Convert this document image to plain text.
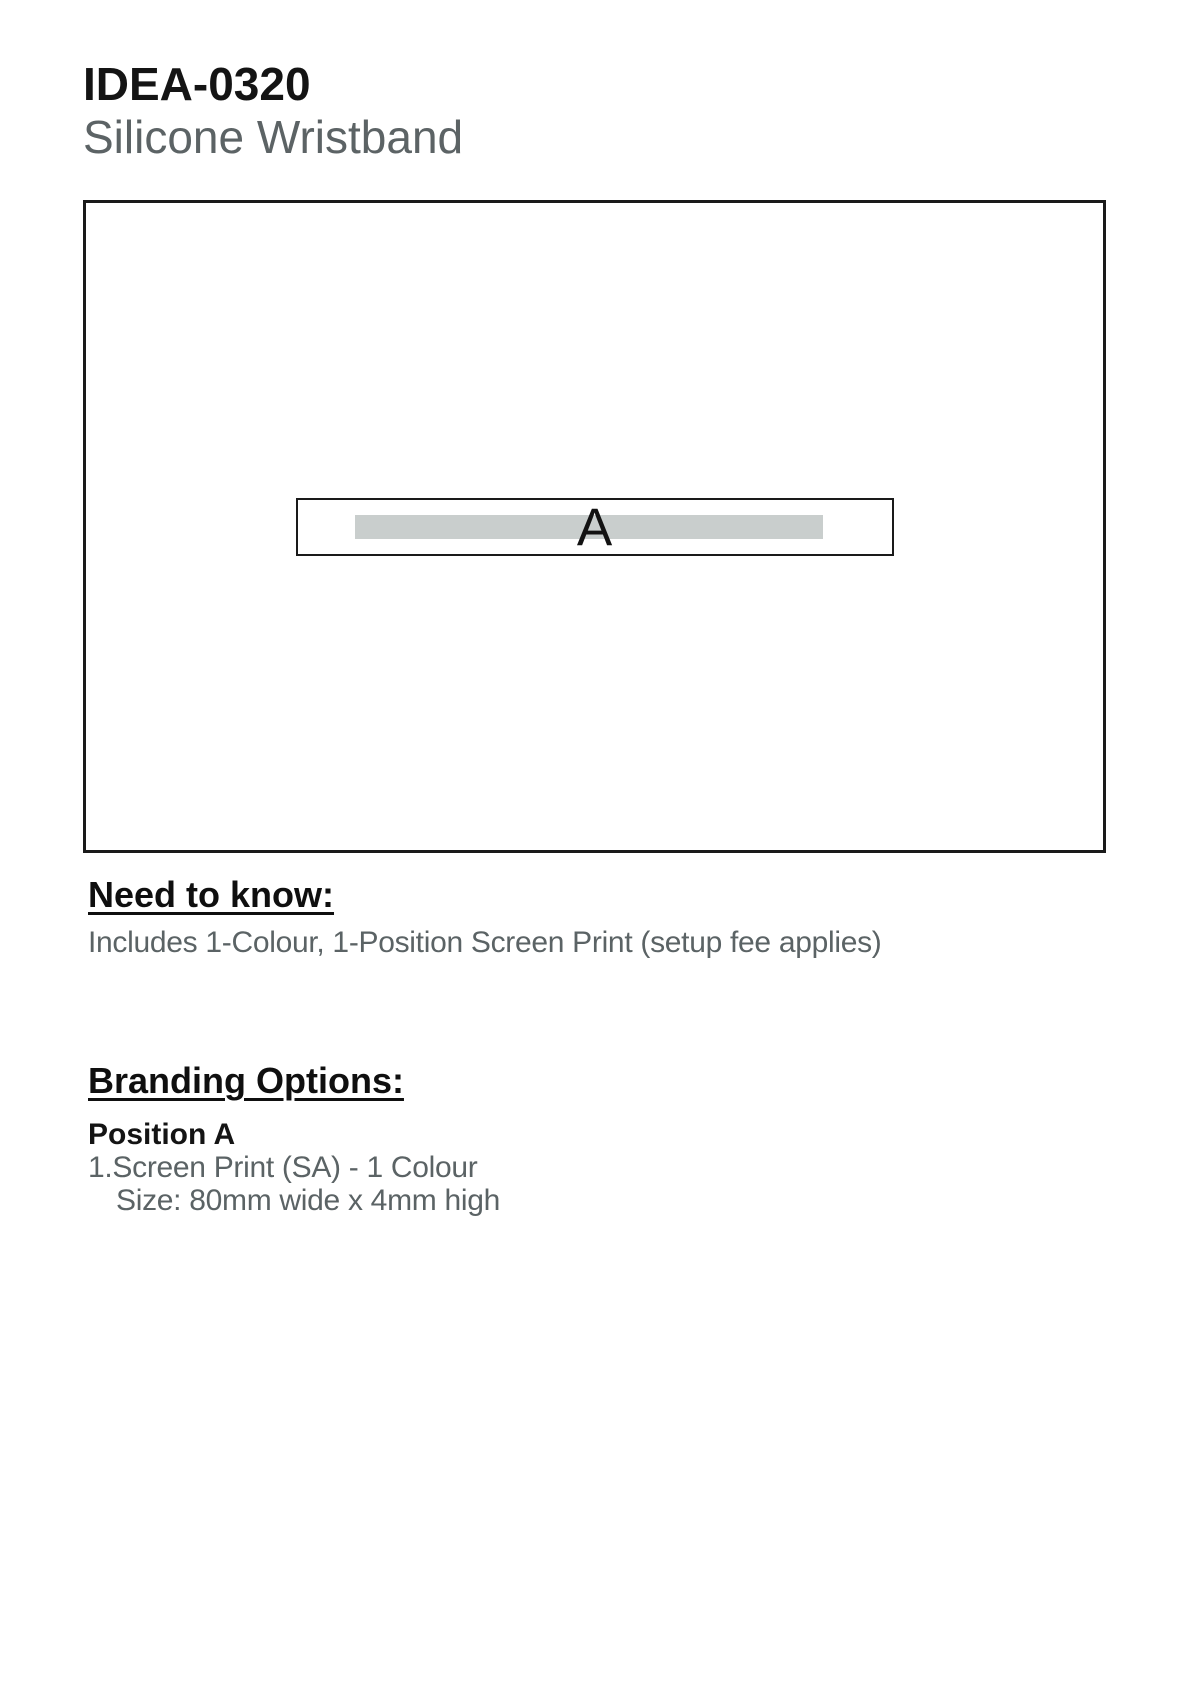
IDEA-0320
Silicone Wristband
A
Need to know:
Includes 1-Colour, 1-Position Screen Print (setup fee applies)
Branding Options:
Position A
1.Screen Print (SA) - 1 Colour
Size: 80mm wide x 4mm high
